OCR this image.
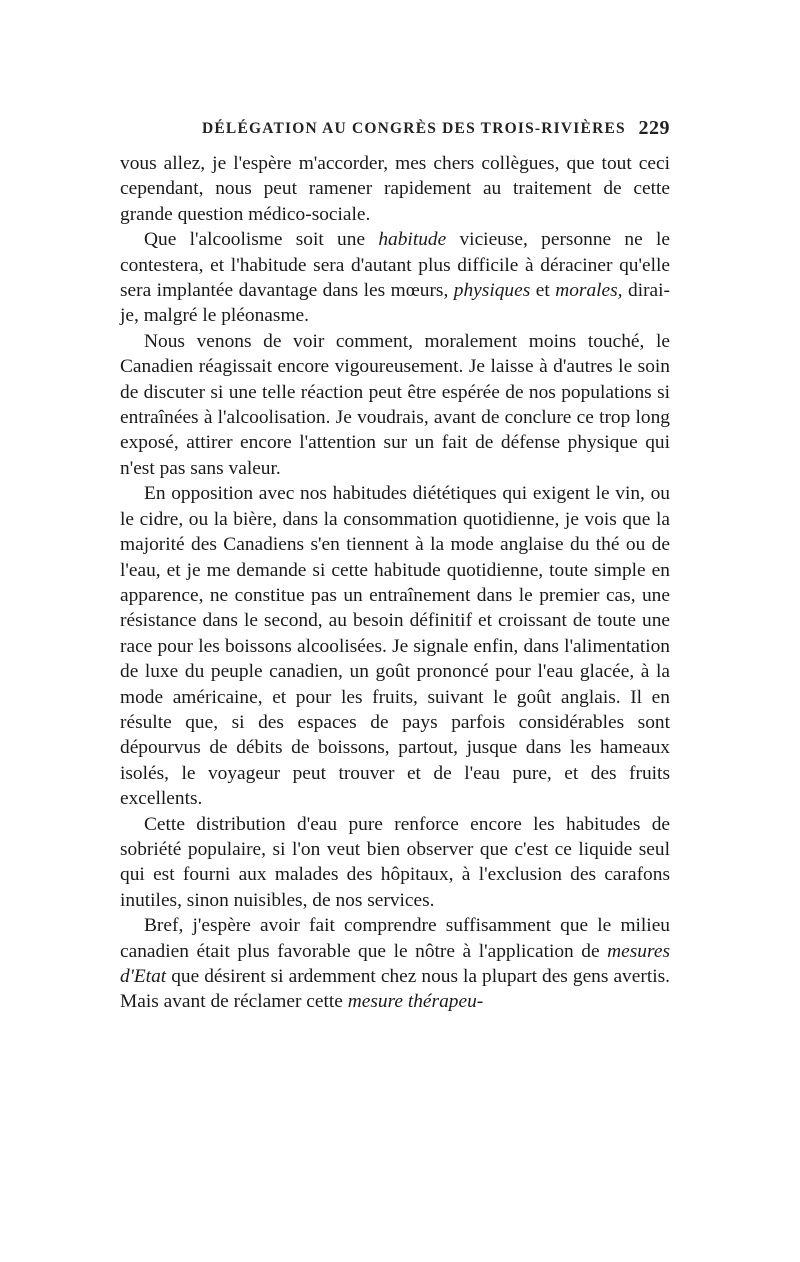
DÉLÉGATION AU CONGRÈS DES TROIS-RIVIÈRES 229

vous allez, je l'espère m'accorder, mes chers collègues, que tout ceci cependant, nous peut ramener rapidement au traitement de cette grande question médico-sociale.

Que l'alcoolisme soit une habitude vicieuse, personne ne le contestera, et l'habitude sera d'autant plus difficile à déraciner qu'elle sera implantée davantage dans les mœurs, physiques et morales, dirai-je, malgré le pléonasme.

Nous venons de voir comment, moralement moins touché, le Canadien réagissait encore vigoureusement. Je laisse à d'autres le soin de discuter si une telle réaction peut être espérée de nos populations si entraînées à l'alcoolisation. Je voudrais, avant de conclure ce trop long exposé, attirer encore l'attention sur un fait de défense physique qui n'est pas sans valeur.

En opposition avec nos habitudes diététiques qui exigent le vin, ou le cidre, ou la bière, dans la consommation quotidienne, je vois que la majorité des Canadiens s'en tiennent à la mode anglaise du thé ou de l'eau, et je me demande si cette habitude quotidienne, toute simple en apparence, ne constitue pas un entraînement dans le premier cas, une résistance dans le second, au besoin définitif et croissant de toute une race pour les boissons alcoolisées. Je signale enfin, dans l'alimentation de luxe du peuple canadien, un goût prononcé pour l'eau glacée, à la mode américaine, et pour les fruits, suivant le goût anglais. Il en résulte que, si des espaces de pays parfois considérables sont dépourvus de débits de boissons, partout, jusque dans les hameaux isolés, le voyageur peut trouver et de l'eau pure, et des fruits excellents.

Cette distribution d'eau pure renforce encore les habitudes de sobriété populaire, si l'on veut bien observer que c'est ce liquide seul qui est fourni aux malades des hôpitaux, à l'exclusion des carafons inutiles, sinon nuisibles, de nos services.

Bref, j'espère avoir fait comprendre suffisamment que le milieu canadien était plus favorable que le nôtre à l'application de mesures d'Etat que désirent si ardemment chez nous la plupart des gens avertis. Mais avant de réclamer cette mesure thérapeu-
